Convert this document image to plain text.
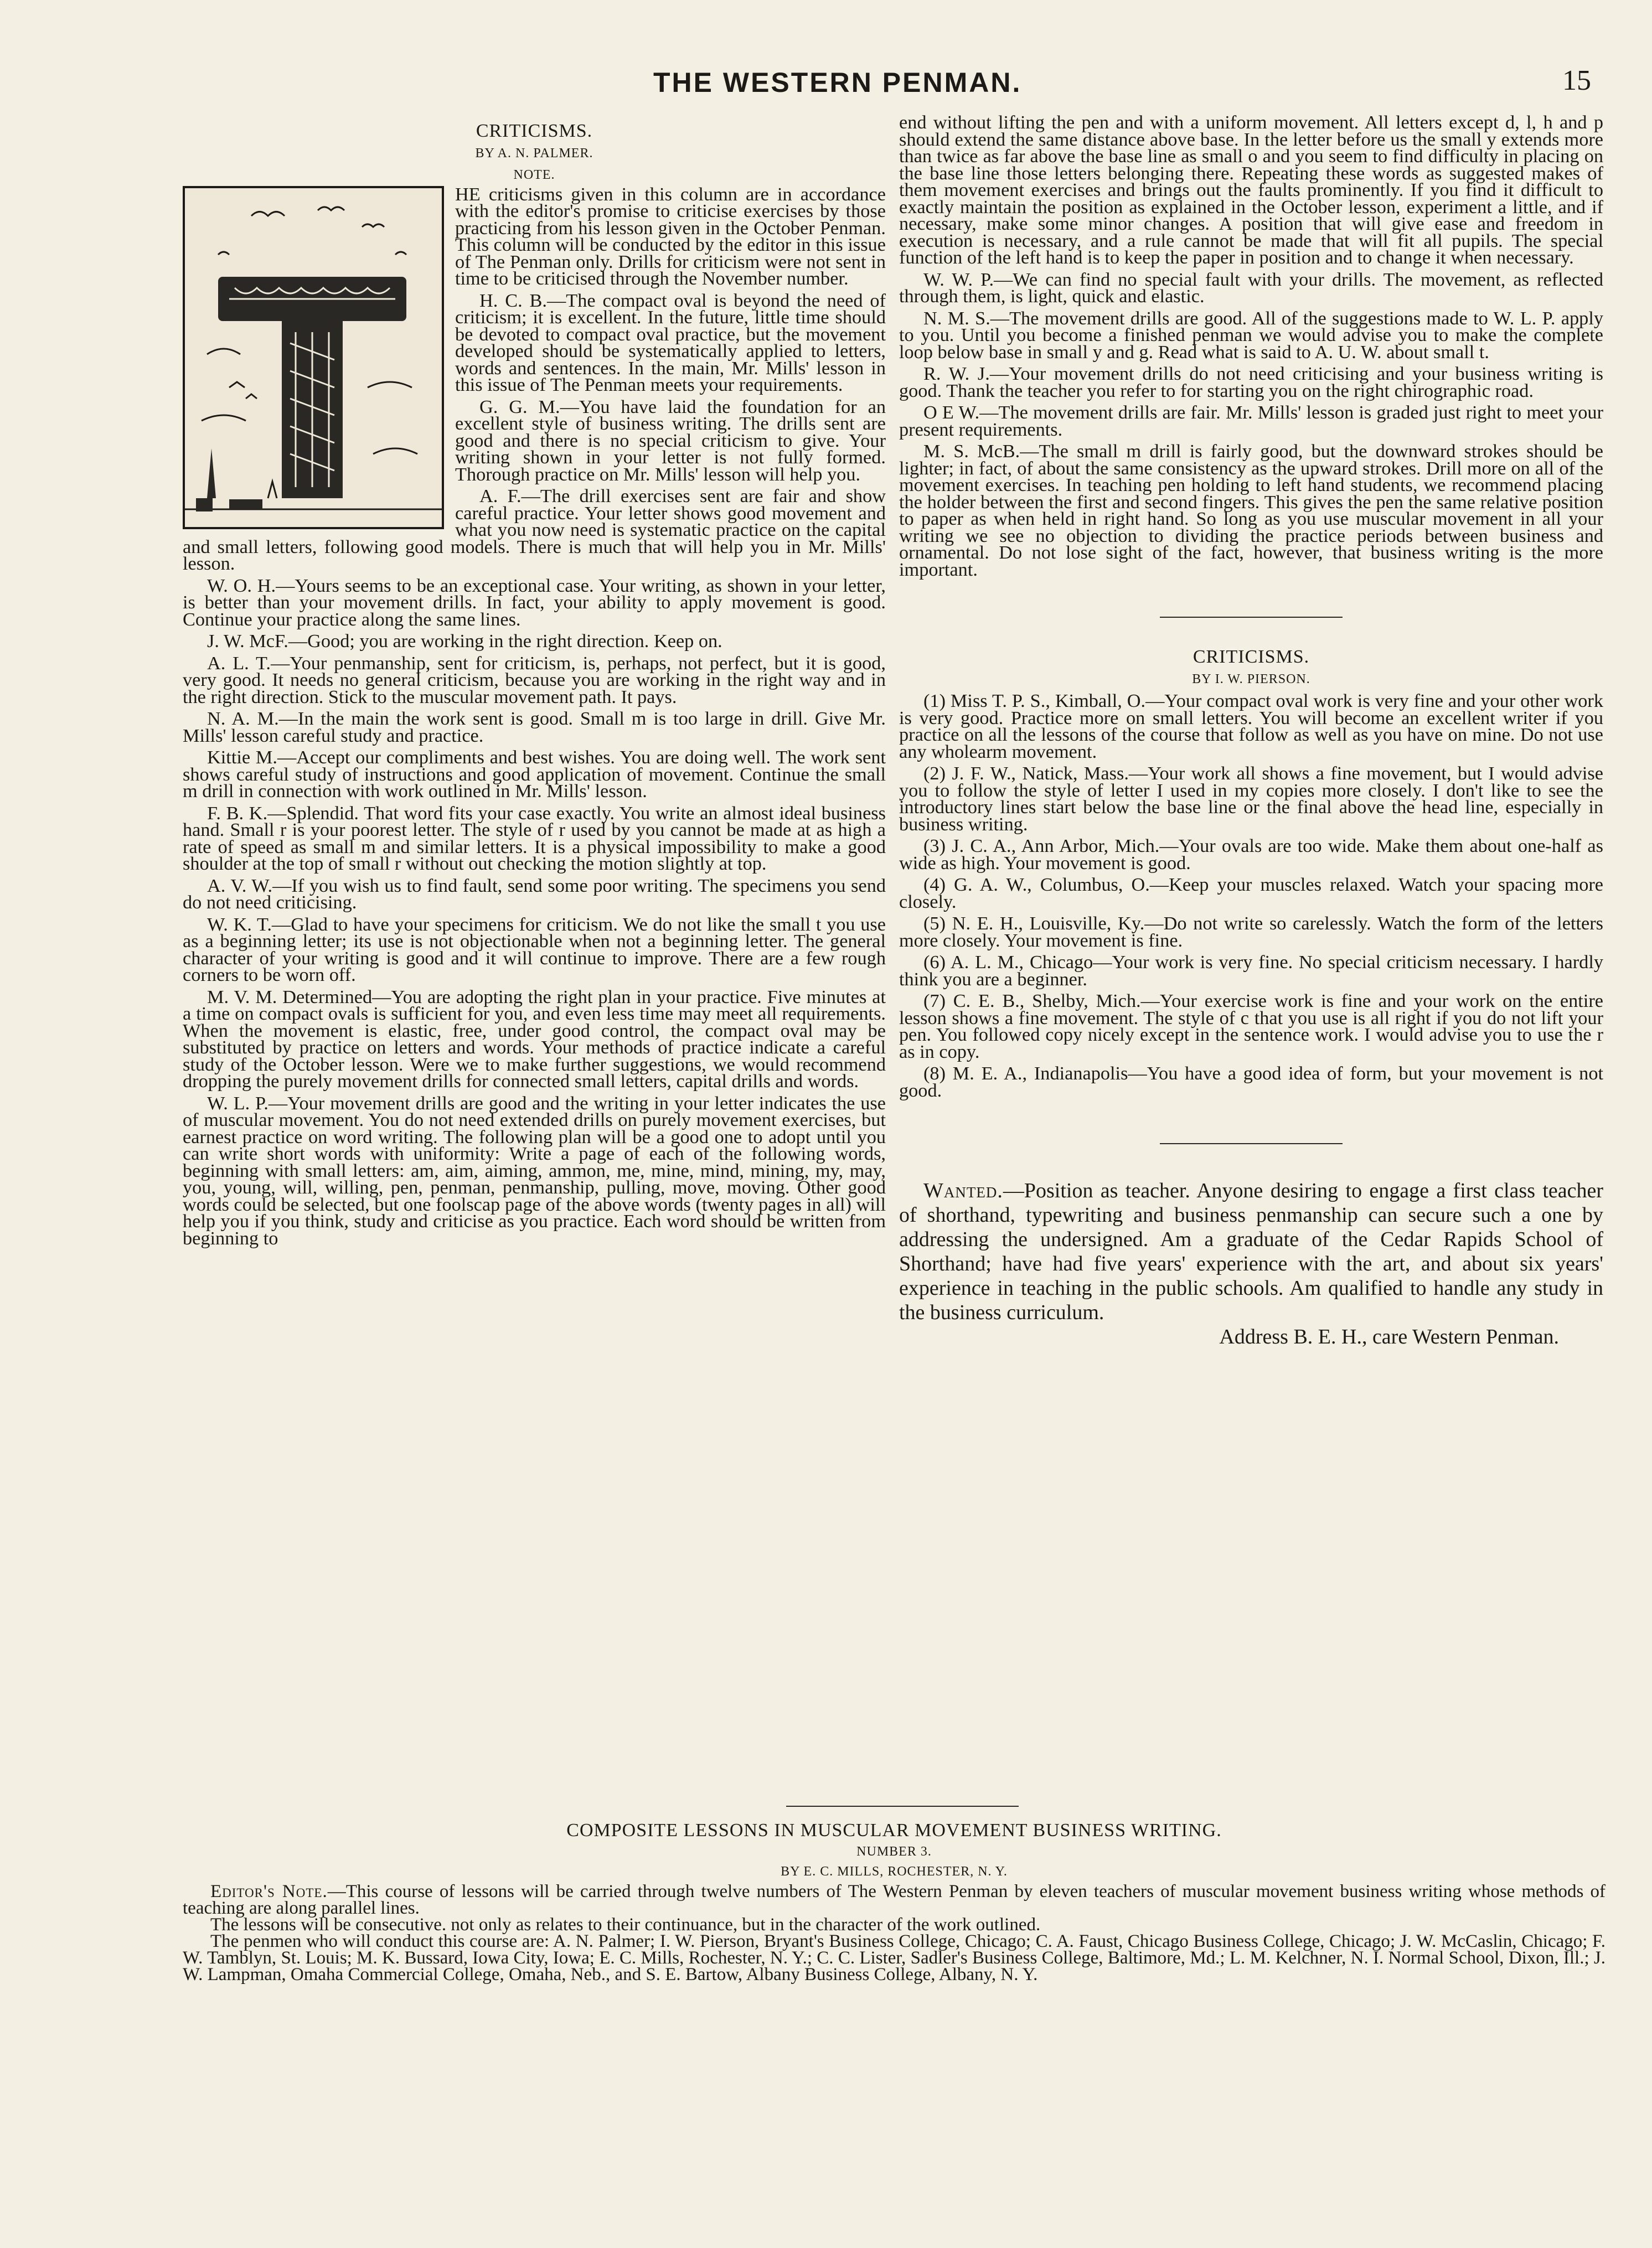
THE WESTERN PENMAN.	15

CRITICISMS.

BY A. N. PALMER.

NOTE.

HE criticisms given in this column are in accordance with the editor's promise to criticise exercises by those practicing from his lesson given in the October Penman. This column will be conducted by the editor in this issue of The Penman only. Drills for criticism were not sent in time to be criticised through the November number.

H. C. B.—The compact oval is beyond the need of criticism; it is excellent. In the future, little time should be devoted to compact oval practice, but the movement developed should be systematically applied to letters, words and sentences. In the main, Mr. Mills' lesson in this issue of The Penman meets your requirements.

G. G. M.—You have laid the foundation for an excellent style of business writing. The drills sent are good and there is no special criticism to give. Your writing shown in your letter is not fully formed. Thorough practice on Mr. Mills' lesson will help you.

A. F.—The drill exercises sent are fair and show careful practice. Your letter shows good movement and what you now need is systematic practice on the capital and small letters, following good models. There is much that will help you in Mr. Mills' lesson.

W. O. H.—Yours seems to be an exceptional case. Your writing, as shown in your letter, is better than your movement drills. In fact, your ability to apply movement is good. Continue your practice along the same lines.

J. W. McF.—Good; you are working in the right direction. Keep on.

A. L. T.—Your penmanship, sent for criticism, is, perhaps, not perfect, but it is good, very good. It needs no general criticism, because you are working in the right way and in the right direction. Stick to the muscular movement path. It pays.

N. A. M.—In the main the work sent is good. Small m is too large in drill. Give Mr. Mills' lesson careful study and practice.

Kittie M.—Accept our compliments and best wishes. You are doing well. The work sent shows careful study of instructions and good application of movement. Continue the small m drill in connection with work outlined in Mr. Mills' lesson.

F. B. K.—Splendid. That word fits your case exactly. You write an almost ideal business hand. Small r is your poorest letter. The style of r used by you cannot be made at as high a rate of speed as small m and similar letters. It is a physical impossibility to make a good shoulder at the top of small r without out checking the motion slightly at top.

A. V. W.—If you wish us to find fault, send some poor writing. The specimens you send do not need criticising.

W. K. T.—Glad to have your specimens for criticism. We do not like the small t you use as a beginning letter; its use is not objectionable when not a beginning letter. The general character of your writing is good and it will continue to improve. There are a few rough corners to be worn off.

M. V. M. Determined—You are adopting the right plan in your practice. Five minutes at a time on compact ovals is sufficient for you, and even less time may meet all requirements. When the movement is elastic, free, under good control, the compact oval may be substituted by practice on letters and words. Your methods of practice indicate a careful study of the October lesson. Were we to make further suggestions, we would recommend dropping the purely movement drills for connected small letters, capital drills and words.

W. L. P.—Your movement drills are good and the writing in your letter indicates the use of muscular movement. You do not need extended drills on purely movement exercises, but earnest practice on word writing. The following plan will be a good one to adopt until you can write short words with uniformity: Write a page of each of the following words, beginning with small letters: am, aim, aiming, ammon, me, mine, mind, mining, my, may, you, young, will, willing, pen, penman, penmanship, pulling, move, moving. Other good words could be selected, but one foolscap page of the above words (twenty pages in all) will help you if you think, study and criticise as you practice. Each word should be written from beginning to

end without lifting the pen and with a uniform movement. All letters except d, l, h and p should extend the same distance above base. In the letter before us the small y extends more than twice as far above the base line as small o and you seem to find difficulty in placing on the base line those letters belonging there. Repeating these words as suggested makes of them movement exercises and brings out the faults prominently. If you find it difficult to exactly maintain the position as explained in the October lesson, experiment a little, and if necessary, make some minor changes. A position that will give ease and freedom in execution is necessary, and a rule cannot be made that will fit all pupils. The special function of the left hand is to keep the paper in position and to change it when necessary.

W. W. P.—We can find no special fault with your drills. The movement, as reflected through them, is light, quick and elastic.

N. M. S.—The movement drills are good. All of the suggestions made to W. L. P. apply to you. Until you become a finished penman we would advise you to make the complete loop below base in small y and g. Read what is said to A. U. W. about small t.

R. W. J.—Your movement drills do not need criticising and your business writing is good. Thank the teacher you refer to for starting you on the right chirographic road.

O E W.—The movement drills are fair. Mr. Mills' lesson is graded just right to meet your present requirements.

M. S. McB.—The small m drill is fairly good, but the downward strokes should be lighter; in fact, of about the same consistency as the upward strokes. Drill more on all of the movement exercises. In teaching pen holding to left hand students, we recommend placing the holder between the first and second fingers. This gives the pen the same relative position to paper as when held in right hand. So long as you use muscular movement in all your writing we see no objection to dividing the practice periods between business and ornamental. Do not lose sight of the fact, however, that business writing is the more important.

CRITICISMS.

BY I. W. PIERSON.

(1) Miss T. P. S., Kimball, O.—Your compact oval work is very fine and your other work is very good. Practice more on small letters. You will become an excellent writer if you practice on all the lessons of the course that follow as well as you have on mine. Do not use any wholearm movement.

(2) J. F. W., Natick, Mass.—Your work all shows a fine movement, but I would advise you to follow the style of letter I used in my copies more closely. I don't like to see the introductory lines start below the base line or the final above the head line, especially in business writing.

(3) J. C. A., Ann Arbor, Mich.—Your ovals are too wide. Make them about one-half as wide as high. Your movement is good.

(4) G. A. W., Columbus, O.—Keep your muscles relaxed. Watch your spacing more closely.

(5) N. E. H., Louisville, Ky.—Do not write so carelessly. Watch the form of the letters more closely. Your movement is fine.

(6) A. L. M., Chicago—Your work is very fine. No special criticism necessary. I hardly think you are a beginner.

(7) C. E. B., Shelby, Mich.—Your exercise work is fine and your work on the entire lesson shows a fine movement. The style of c that you use is all right if you do not lift your pen. You followed copy nicely except in the sentence work. I would advise you to use the r as in copy.

(8) M. E. A., Indianapolis—You have a good idea of form, but your movement is not good.

Wanted.—Position as teacher. Anyone desiring to engage a first class teacher of shorthand, typewriting and business penmanship can secure such a one by addressing the undersigned. Am a graduate of the Cedar Rapids School of Shorthand; have had five years' experience with the art, and about six years' experience in teaching in the public schools. Am qualified to handle any study in the business curriculum.

Address B. E. H., care Western Penman.

COMPOSITE LESSONS IN MUSCULAR MOVEMENT BUSINESS WRITING.

NUMBER 3.

BY E. C. MILLS, ROCHESTER, N. Y.

Editor's Note.—This course of lessons will be carried through twelve numbers of The Western Penman by eleven teachers of muscular movement business writing whose methods of teaching are along parallel lines.

The lessons will be consecutive. not only as relates to their continuance, but in the character of the work outlined.

The penmen who will conduct this course are: A. N. Palmer; I. W. Pierson, Bryant's Business College, Chicago; C. A. Faust, Chicago Business College, Chicago; J. W. McCaslin, Chicago; F. W. Tamblyn, St. Louis; M. K. Bussard, Iowa City, Iowa; E. C. Mills, Rochester, N. Y.; C. C. Lister, Sadler's Business College, Baltimore, Md.; L. M. Kelchner, N. I. Normal School, Dixon, Ill.; J. W. Lampman, Omaha Commercial College, Omaha, Neb., and S. E. Bartow, Albany Business College, Albany, N. Y.
